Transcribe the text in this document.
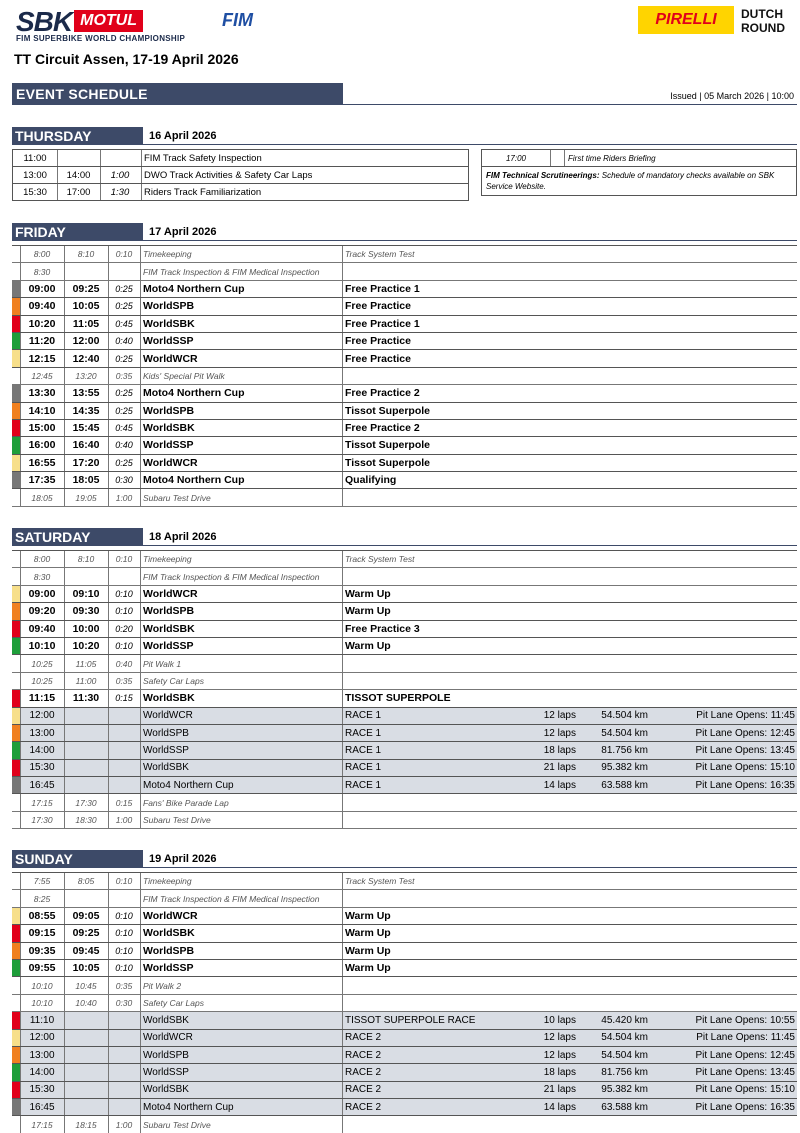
SBK MOTUL
FIM SUPERBIKE WORLD CHAMPIONSHIP
FIM	PIRELLI	DUTCH
ROUND
TT Circuit Assen, 17-19 April 2026
EVENT SCHEDULE	Issued | 05 March 2026 | 10:00
THURSDAY	16 April 2026
11:00	FIM Track Safety Inspection
13:00	14:00	1:00	DWO Track Activities & Safety Car Laps
15:30	17:00	1:30	Riders Track Familiarization
17:00	First time Riders Briefing
FIM Technical Scrutineerings: Schedule of mandatory checks available on SBK Service Website.
FRIDAY	17 April 2026
8:00	8:10	0:10	Timekeeping	Track System Test
8:30	FIM Track Inspection & FIM Medical Inspection
09:00	09:25	0:25 Moto4 Northern Cup	Free Practice 1
09:40	10:05	0:25 WorldSPB	Free Practice
10:20	11:05	0:45 WorldSBK	Free Practice 1
11:20	12:00	0:40 WorldSSP	Free Practice
12:15	12:40	0:25 WorldWCR	Free Practice
12:45	13:20	0:35	Kids' Special Pit Walk
13:30	13:55	0:25 Moto4 Northern Cup	Free Practice 2
14:10	14:35	0:25 WorldSPB	Tissot Superpole
15:00	15:45	0:45 WorldSBK	Free Practice 2
16:00	16:40	0:40 WorldSSP	Tissot Superpole
16:55	17:20	0:25 WorldWCR	Tissot Superpole
17:35	18:05	0:30 Moto4 Northern Cup	Qualifying
18:05	19:05	1:00	Subaru Test Drive
SATURDAY	18 April 2026
8:00	8:10	0:10	Timekeeping	Track System Test
8:30	FIM Track Inspection & FIM Medical Inspection
09:00	09:10	0:10 WorldWCR	Warm Up
09:20	09:30	0:10 WorldSPB	Warm Up
09:40	10:00	0:20 WorldSBK	Free Practice 3
10:10	10:20	0:10 WorldSSP	Warm Up
10:25	11:05	0:40	Pit Walk 1
10:25	11:00	0:35	Safety Car Laps
11:15	11:30	0:15 WorldSBK	TISSOT SUPERPOLE
12:00	WorldWCR	RACE 1	12 laps	54.504 km	Pit Lane Opens: 11:45
13:00	WorldSPB	RACE 1	12 laps	54.504 km	Pit Lane Opens: 12:45
14:00	WorldSSP	RACE 1	18 laps	81.756 km	Pit Lane Opens: 13:45
15:30	WorldSBK	RACE 1	21 laps	95.382 km	Pit Lane Opens: 15:10
16:45	Moto4 Northern Cup	RACE 1	14 laps	63.588 km	Pit Lane Opens: 16:35
17:15	17:30	0:15	Fans' Bike Parade Lap
17:30	18:30	1:00	Subaru Test Drive
SUNDAY	19 April 2026
7:55	8:05	0:10	Timekeeping	Track System Test
8:25	FIM Track Inspection & FIM Medical Inspection
08:55	09:05	0:10 WorldWCR	Warm Up
09:15	09:25	0:10 WorldSBK	Warm Up
09:35	09:45	0:10 WorldSPB	Warm Up
09:55	10:05	0:10 WorldSSP	Warm Up
10:10	10:45	0:35	Pit Walk 2
10:10	10:40	0:30	Safety Car Laps
11:10	WorldSBK	TISSOT SUPERPOLE RACE	10 laps	45.420 km	Pit Lane Opens: 10:55
12:00	WorldWCR	RACE 2	12 laps	54.504 km	Pit Lane Opens: 11:45
13:00	WorldSPB	RACE 2	12 laps	54.504 km	Pit Lane Opens: 12:45
14:00	WorldSSP	RACE 2	18 laps	81.756 km	Pit Lane Opens: 13:45
15:30	WorldSBK	RACE 2	21 laps	95.382 km	Pit Lane Opens: 15:10
16:45	Moto4 Northern Cup	RACE 2	14 laps	63.588 km	Pit Lane Opens: 16:35
17:15	18:15	1:00	Subaru Test Drive
